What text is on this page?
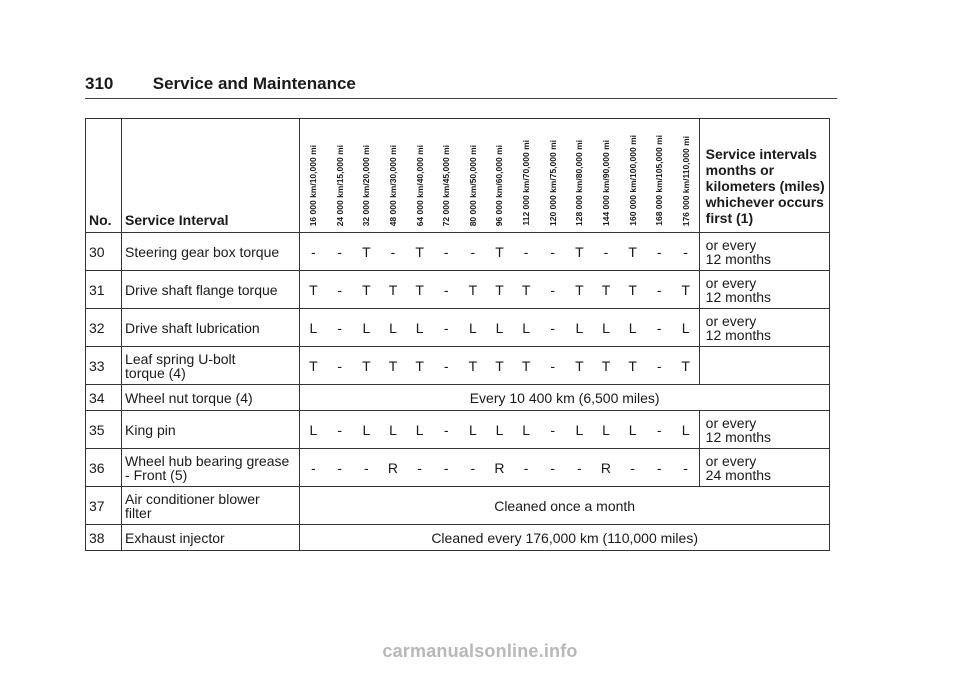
310 Service and Maintenance
No.	Service Interval	16 000 km/10,000 mi	24 000 km/15,000 mi	32 000 km/20,000 mi	48 000 km/30,000 mi	64 000 km/40,000 mi	72 000 km/45,000 mi	80 000 km/50,000 mi	96 000 km/60,000 mi	112 000 km/70,000 mi	120 000 km/75,000 mi	128 000 km/80,000 mi	144 000 km/90,000 mi	160 000 km/100,000 mi	168 000 km/105,000 mi	176 000 km/110,000 mi	Service intervals months or kilometers (miles) whichever occurs first (1)
30	Steering gear box torque	-	-	T	-	T	-	-	T	-	-	T	-	T	-	-	or every
12 months
31	Drive shaft flange torque	T	-	T	T	T	-	T	T	T	-	T	T	T	-	T	or every
12 months
32	Drive shaft lubrication	L	-	L	L	L	-	L	L	L	-	L	L	L	-	L	or every
12 months
33	Leaf spring U-bolt
torque (4)	T	-	T	T	T	-	T	T	T	-	T	T	T	-	T	
34	Wheel nut torque (4)	Every 10 400 km (6,500 miles)															
35	King pin	L	-	L	L	L	-	L	L	L	-	L	L	L	-	L	or every
12 months
36	Wheel hub bearing grease
- Front (5)	-	-	-	R	-	-	-	R	-	-	-	R	-	-	-	or every
24 months
37	Air conditioner blower
filter	Cleaned once a month															
38	Exhaust injector	Cleaned every 176,000 km (110,000 miles)															
carmanualsonline.info
